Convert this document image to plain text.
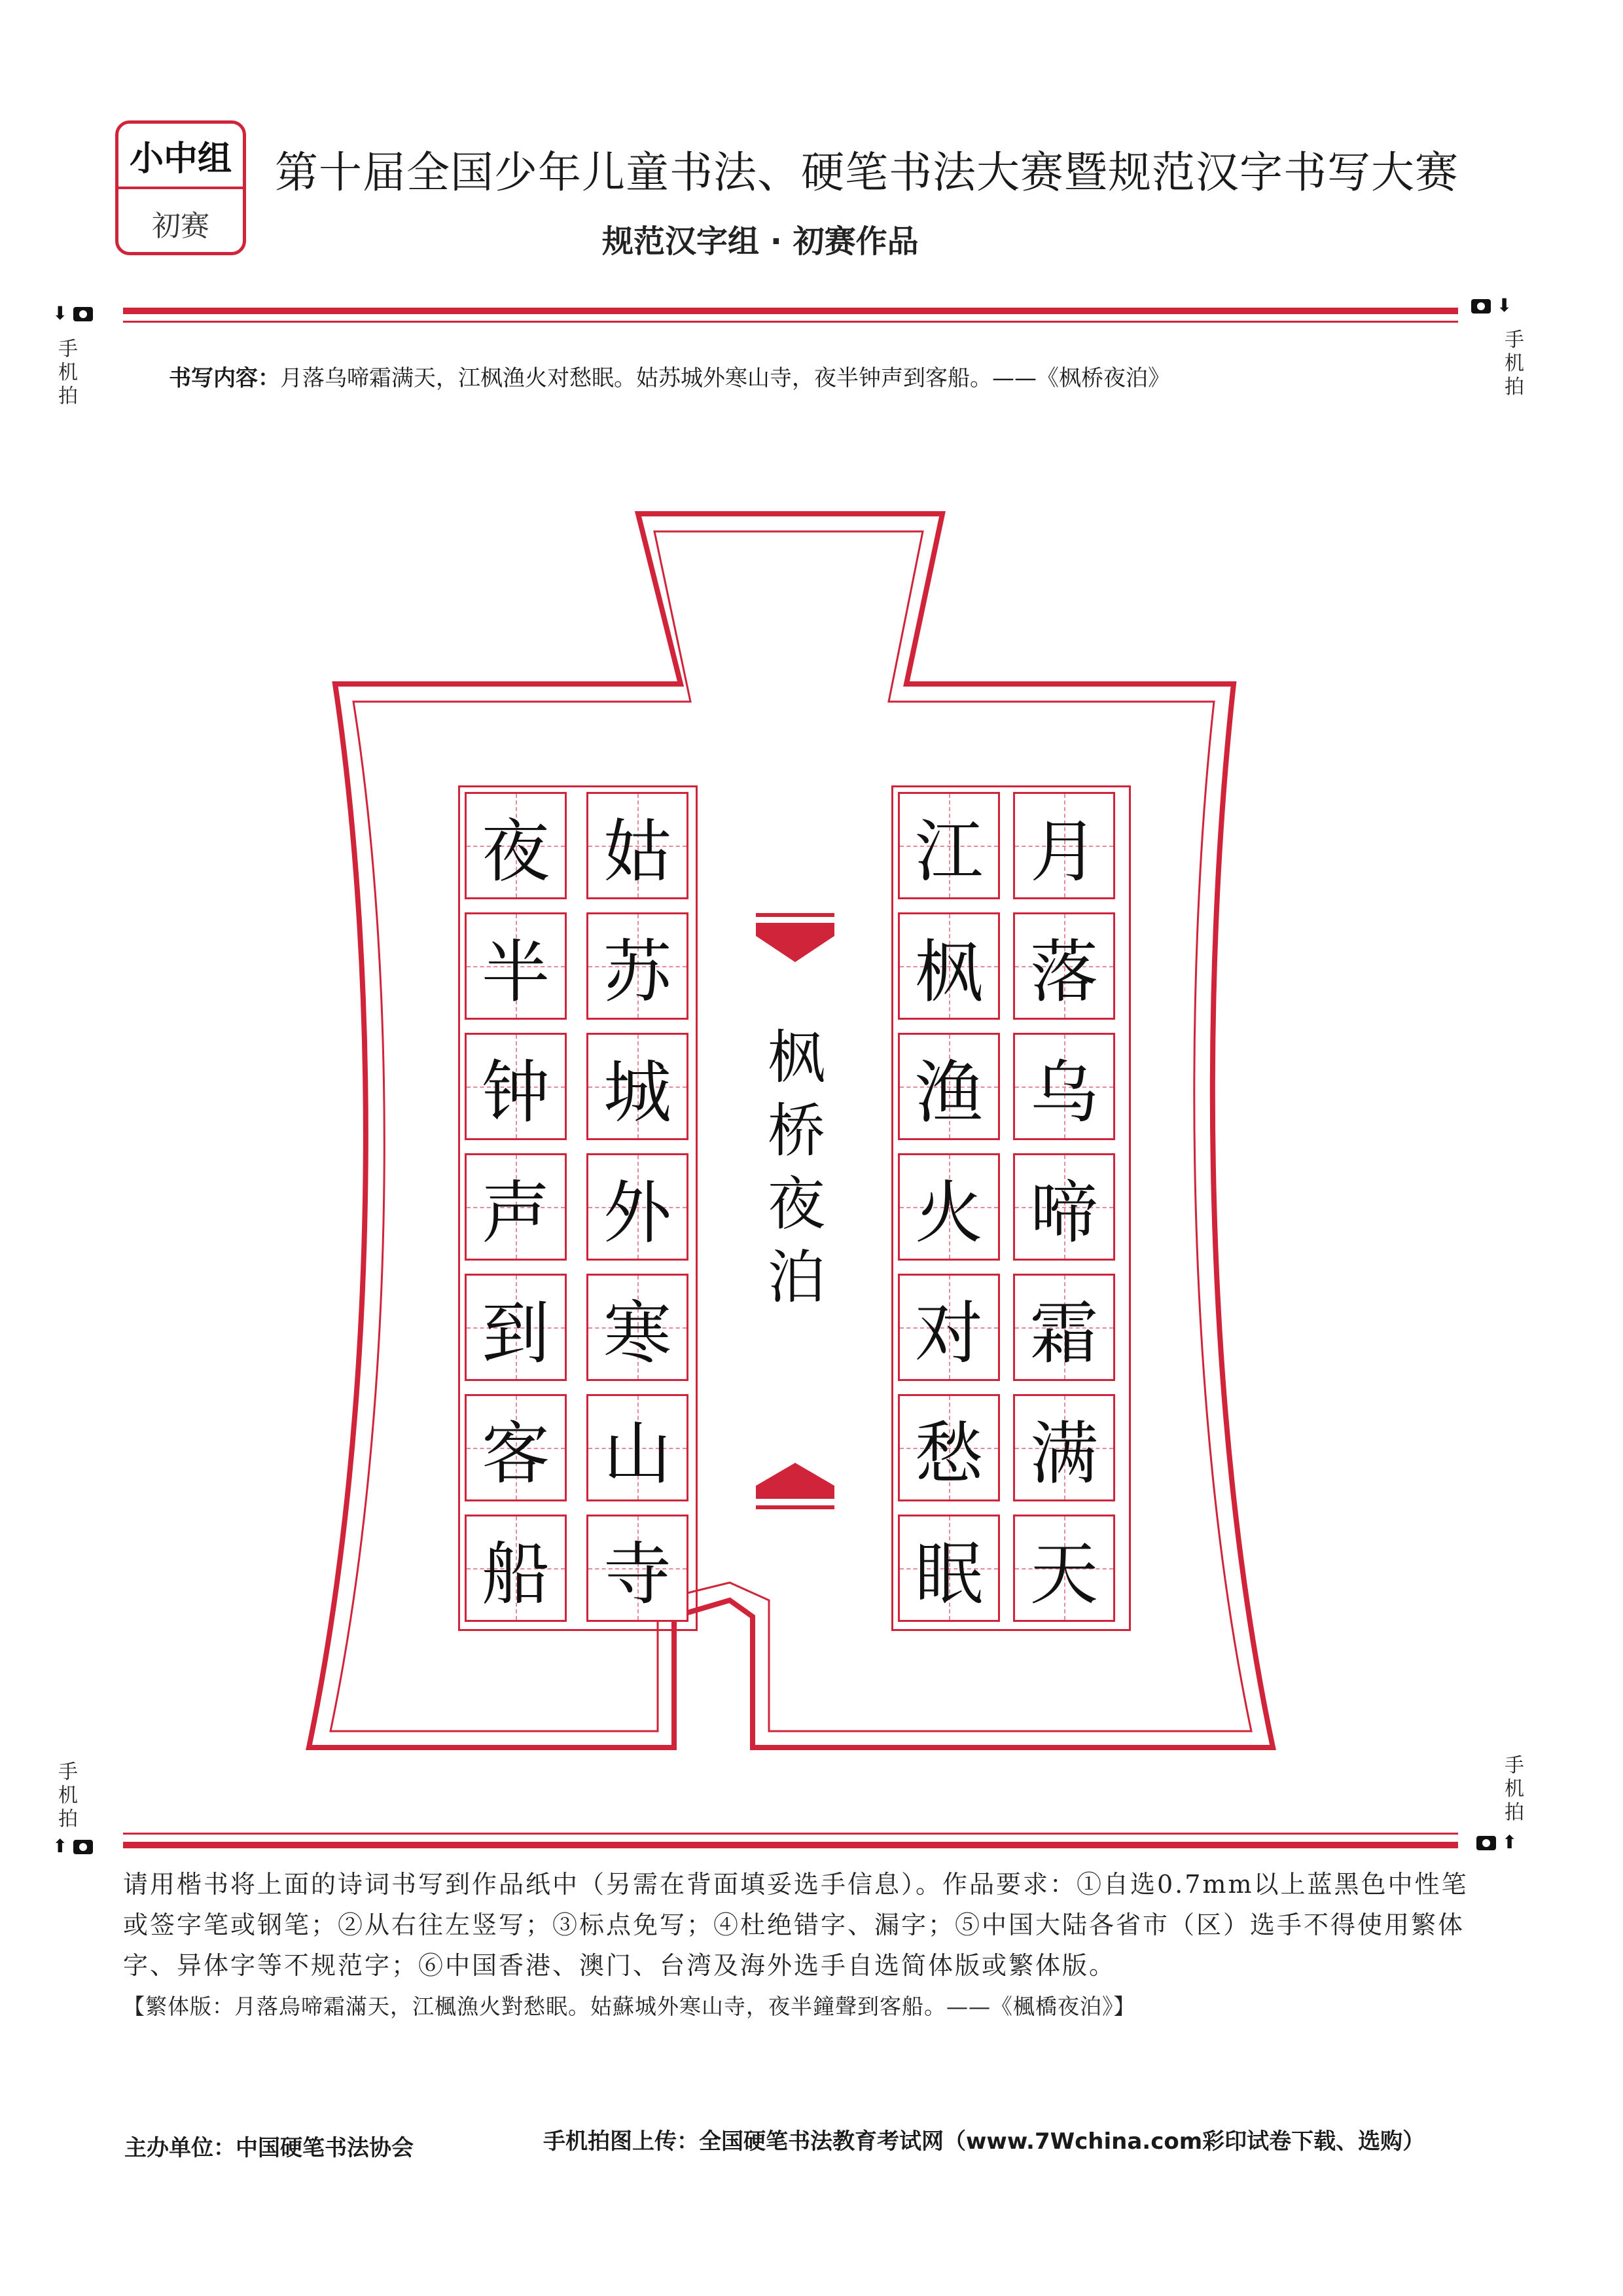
小中组
初赛
第十届全国少年儿童书法、硬笔书法大赛暨规范汉字书写大赛
规范汉字组 · 初赛作品
⬇
手机拍
⬇
手机拍
书写内容：月落乌啼霜满天，江枫渔火对愁眠。姑苏城外寒山寺，夜半钟声到客船。——《枫桥夜泊》
月
落
乌
啼
霜
满
天
江
枫
渔
火
对
愁
眠
姑
苏
城
外
寒
山
寺
夜
半
钟
声
到
客
船
枫桥夜泊
手机拍
⬆
手机拍
⬆
请用楷书将上面的诗词书写到作品纸中（另需在背面填妥选手信息）。作品要求：①自选0.7mm以上蓝黑色中性笔或签字笔或钢笔；②从右往左竖写；③标点免写；④杜绝错字、漏字；⑤中国大陆各省市（区）选手不得使用繁体字、异体字等不规范字；⑥中国香港、澳门、台湾及海外选手自选简体版或繁体版。
【繁体版：月落烏啼霜滿天，江楓漁火對愁眠。姑蘇城外寒山寺，夜半鐘聲到客船。——《楓橋夜泊》】
主办单位：中国硬笔书法协会	手机拍图上传：全国硬笔书法教育考试网（www.7Wchina.com彩印试卷下载、选购）
